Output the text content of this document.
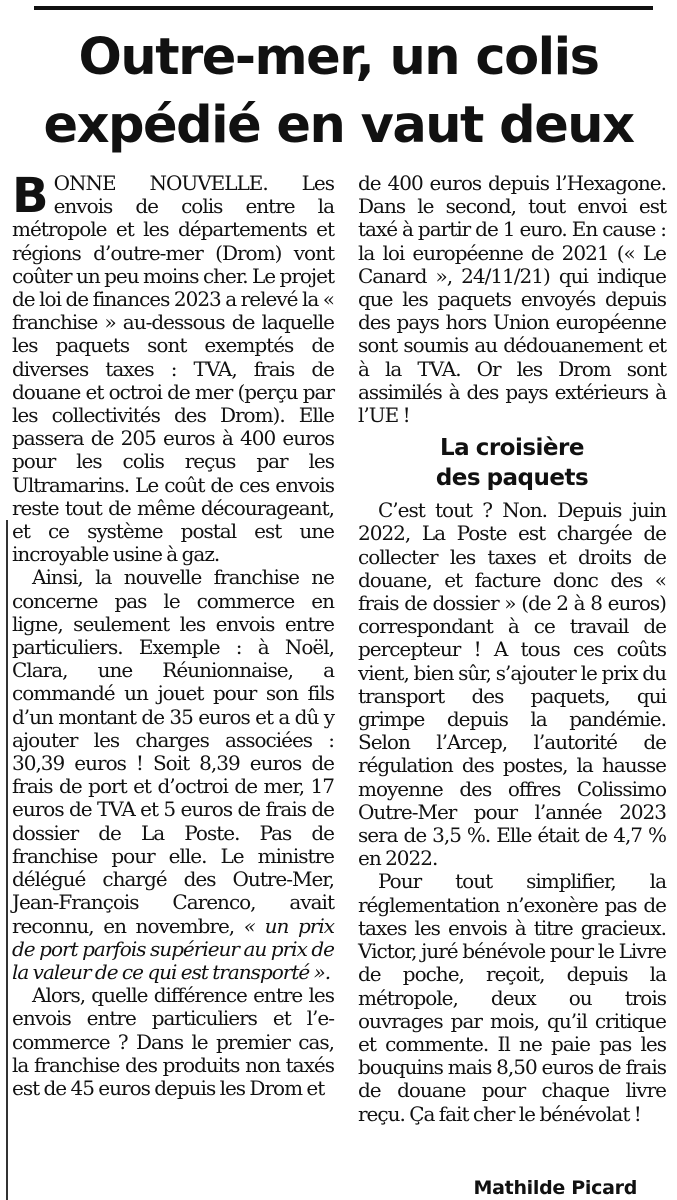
Outre-mer, un colis
expédié en vaut deux

BONNE NOUVELLE. Les envois de colis entre la métropole et les départements et régions d’outre-mer (Drom) vont coûter un peu moins cher. Le projet de loi de finances 2023 a relevé la « franchise » au-dessous de laquelle les paquets sont exemptés de diverses taxes : TVA, frais de douane et octroi de mer (perçu par les collectivités des Drom). Elle passera de 205 euros à 400 euros pour les colis reçus par les Ultramarins. Le coût de ces envois reste tout de même décourageant, et ce système postal est une incroyable usine à gaz.

Ainsi, la nouvelle franchise ne concerne pas le commerce en ligne, seulement les envois entre particuliers. Exemple : à Noël, Clara, une Réunionnaise, a commandé un jouet pour son fils d’un montant de 35 euros et a dû y ajouter les charges associées : 30,39 euros ! Soit 8,39 euros de frais de port et d’octroi de mer, 17 euros de TVA et 5 euros de frais de dossier de La Poste. Pas de franchise pour elle. Le ministre délégué chargé des Outre-Mer, Jean-François Carenco, avait reconnu, en novembre, « un prix de port parfois supérieur au prix de la valeur de ce qui est transporté ».

Alors, quelle différence entre les envois entre particuliers et l’e-commerce ? Dans le premier cas, la franchise des produits non taxés est de 45 euros depuis les Drom et

de 400 euros depuis l’Hexagone. Dans le second, tout envoi est taxé à partir de 1 euro. En cause : la loi européenne de 2021 (« Le Canard », 24/11/21) qui indique que les paquets envoyés depuis des pays hors Union européenne sont soumis au dédouanement et à la TVA. Or les Drom sont assimilés à des pays extérieurs à l’UE !

La croisière
des paquets

C’est tout ? Non. Depuis juin 2022, La Poste est chargée de collecter les taxes et droits de douane, et facture donc des « frais de dossier » (de 2 à 8 euros) correspondant à ce travail de percepteur ! A tous ces coûts vient, bien sûr, s’ajouter le prix du transport des paquets, qui grimpe depuis la pandémie. Selon l’Arcep, l’autorité de régulation des postes, la hausse moyenne des offres Colissimo Outre-Mer pour l’année 2023 sera de 3,5 %. Elle était de 4,7 % en 2022.

Pour tout simplifier, la réglementation n’exonère pas de taxes les envois à titre gracieux. Victor, juré bénévole pour le Livre de poche, reçoit, depuis la métropole, deux ou trois ouvrages par mois, qu’il critique et commente. Il ne paie pas les bouquins mais 8,50 euros de frais de douane pour chaque livre reçu. Ça fait cher le bénévolat !

Mathilde Picard
